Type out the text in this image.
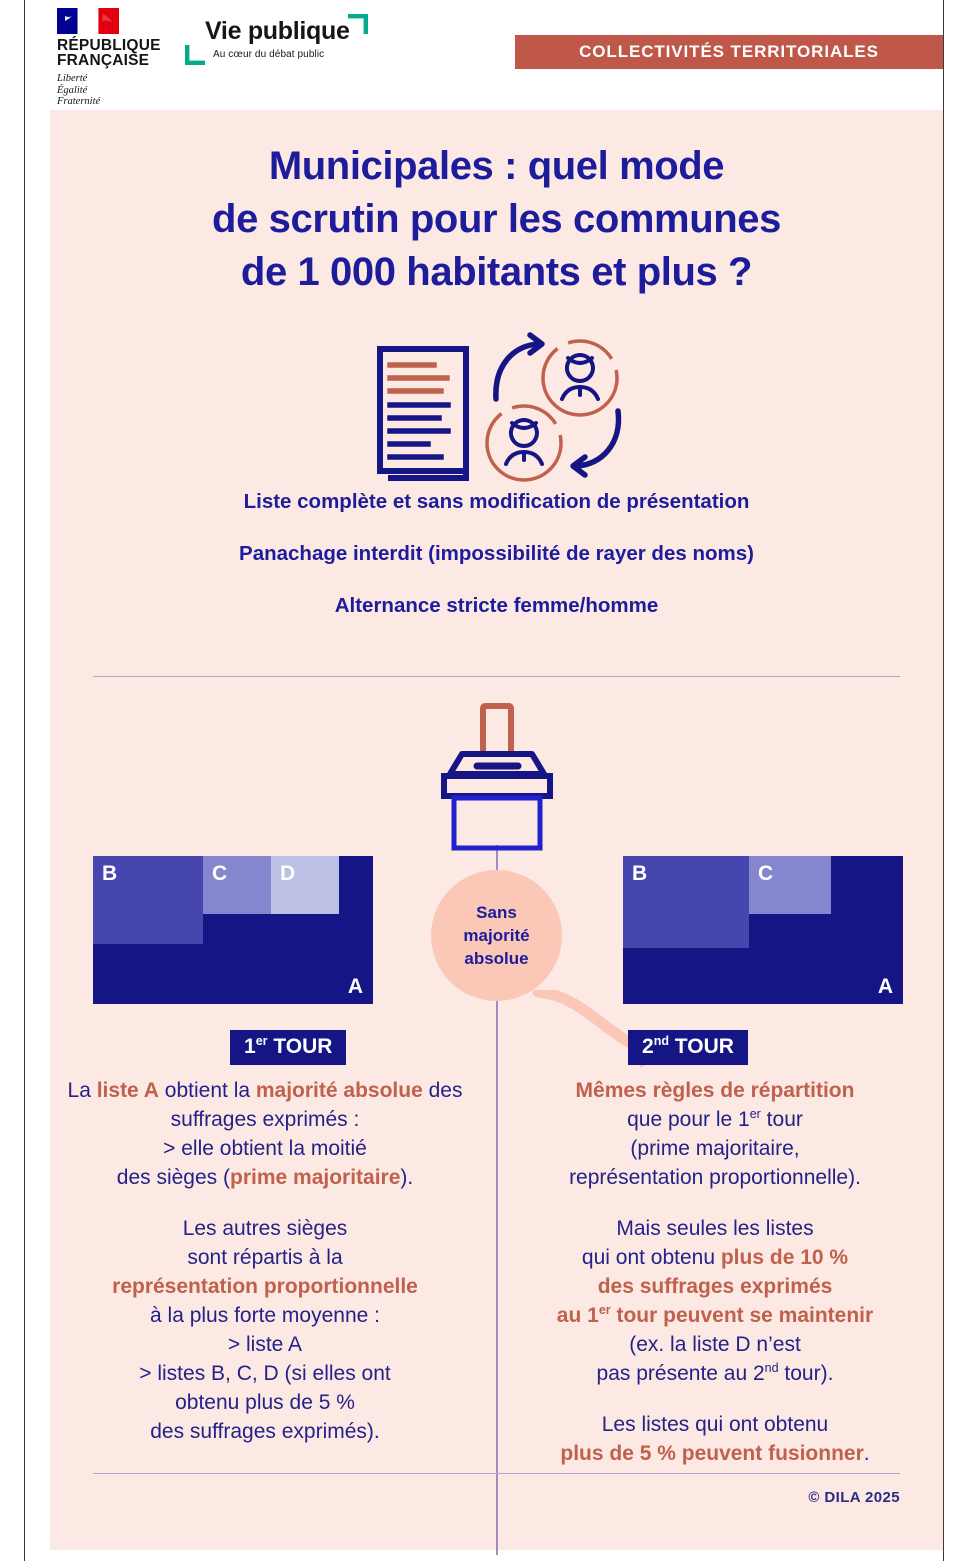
RÉPUBLIQUE
FRANÇAISE
Liberté
Égalité
Fraternité
Vie publique
Au cœur du débat public	COLLECTIVITÉS TERRITORIALES
Municipales : quel mode
de scrutin pour les communes
de 1 000 habitants et plus ?

Liste complète et sans modification de présentation

Panachage interdit (impossibilité de rayer des noms)

Alternance stricte femme/homme

A
B	C	D
A
B	C
Sans
majorité
absolue
1er TOUR	2nd TOUR

La liste A obtient la majorité absolue des suffrages exprimés :
> elle obtient la moitié
des sièges (prime majoritaire).

Les autres sièges
sont répartis à la
représentation proportionnelle
à la plus forte moyenne :
> liste A
> listes B, C, D (si elles ont
obtenu plus de 5 %
des suffrages exprimés).

Mêmes règles de répartition
que pour le 1er tour
(prime majoritaire,
représentation proportionnelle).

Mais seules les listes
qui ont obtenu plus de 10 %
des suffrages exprimés
au 1er tour peuvent se maintenir
(ex. la liste D n’est
pas présente au 2nd tour).

Les listes qui ont obtenu
plus de 5 % peuvent fusionner.

© DILA 2025
